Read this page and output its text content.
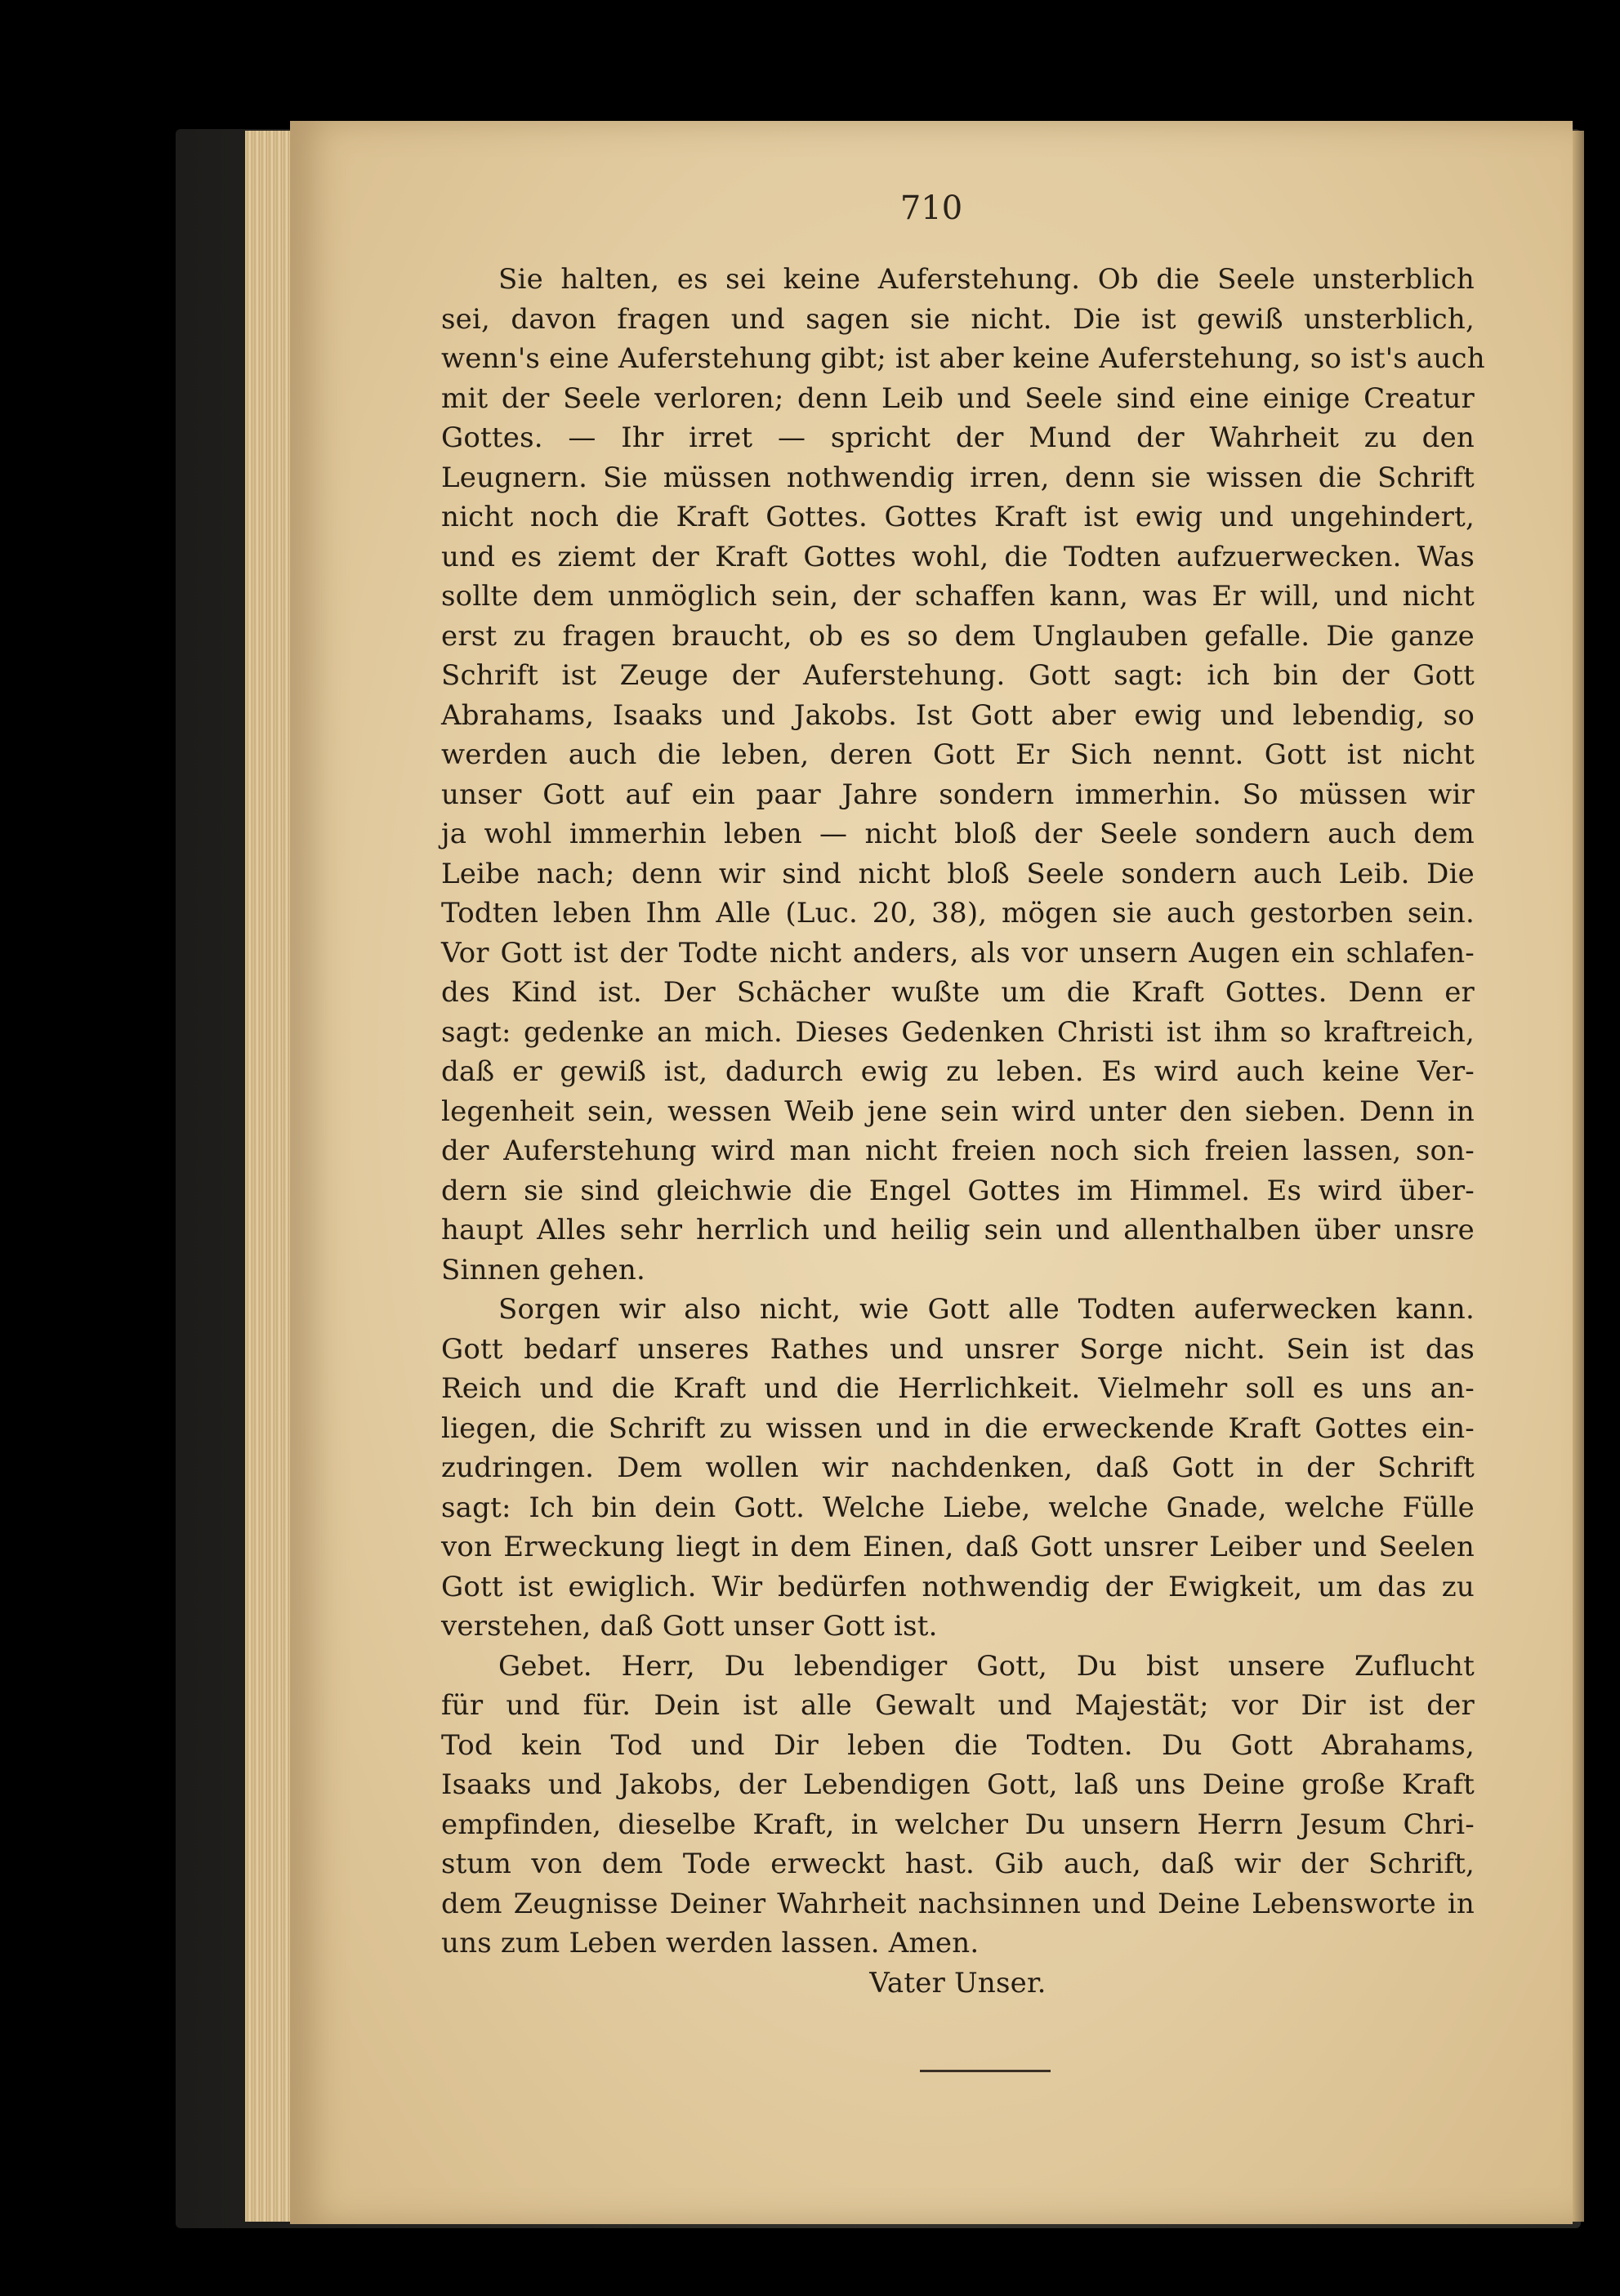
710
Sie halten, es sei keine Auferstehung. Ob die Seele unsterblich
sei, davon fragen und sagen sie nicht. Die ist gewiß unsterblich,
wenn's eine Auferstehung gibt; ist aber keine Auferstehung, so ist's auch
mit der Seele verloren; denn Leib und Seele sind eine einige Creatur
Gottes. — Ihr irret — spricht der Mund der Wahrheit zu den
Leugnern. Sie müssen nothwendig irren, denn sie wissen die Schrift
nicht noch die Kraft Gottes. Gottes Kraft ist ewig und ungehindert,
und es ziemt der Kraft Gottes wohl, die Todten aufzuerwecken. Was
sollte dem unmöglich sein, der schaffen kann, was Er will, und nicht
erst zu fragen braucht, ob es so dem Unglauben gefalle. Die ganze
Schrift ist Zeuge der Auferstehung. Gott sagt: ich bin der Gott
Abrahams, Isaaks und Jakobs. Ist Gott aber ewig und lebendig, so
werden auch die leben, deren Gott Er Sich nennt. Gott ist nicht
unser Gott auf ein paar Jahre sondern immerhin. So müssen wir
ja wohl immerhin leben — nicht bloß der Seele sondern auch dem
Leibe nach; denn wir sind nicht bloß Seele sondern auch Leib. Die
Todten leben Ihm Alle (Luc. 20, 38), mögen sie auch gestorben sein.
Vor Gott ist der Todte nicht anders, als vor unsern Augen ein schlafen-
des Kind ist. Der Schächer wußte um die Kraft Gottes. Denn er
sagt: gedenke an mich. Dieses Gedenken Christi ist ihm so kraftreich,
daß er gewiß ist, dadurch ewig zu leben. Es wird auch keine Ver-
legenheit sein, wessen Weib jene sein wird unter den sieben. Denn in
der Auferstehung wird man nicht freien noch sich freien lassen, son-
dern sie sind gleichwie die Engel Gottes im Himmel. Es wird über-
haupt Alles sehr herrlich und heilig sein und allenthalben über unsre
Sinnen gehen.
Sorgen wir also nicht, wie Gott alle Todten auferwecken kann.
Gott bedarf unseres Rathes und unsrer Sorge nicht. Sein ist das
Reich und die Kraft und die Herrlichkeit. Vielmehr soll es uns an-
liegen, die Schrift zu wissen und in die erweckende Kraft Gottes ein-
zudringen. Dem wollen wir nachdenken, daß Gott in der Schrift
sagt: Ich bin dein Gott. Welche Liebe, welche Gnade, welche Fülle
von Erweckung liegt in dem Einen, daß Gott unsrer Leiber und Seelen
Gott ist ewiglich. Wir bedürfen nothwendig der Ewigkeit, um das zu
verstehen, daß Gott unser Gott ist.
Gebet. Herr, Du lebendiger Gott, Du bist unsere Zuflucht
für und für. Dein ist alle Gewalt und Majestät; vor Dir ist der
Tod kein Tod und Dir leben die Todten. Du Gott Abrahams,
Isaaks und Jakobs, der Lebendigen Gott, laß uns Deine große Kraft
empfinden, dieselbe Kraft, in welcher Du unsern Herrn Jesum Chri-
stum von dem Tode erweckt hast. Gib auch, daß wir der Schrift,
dem Zeugnisse Deiner Wahrheit nachsinnen und Deine Lebensworte in
uns zum Leben werden lassen. Amen.
Vater Unser.
